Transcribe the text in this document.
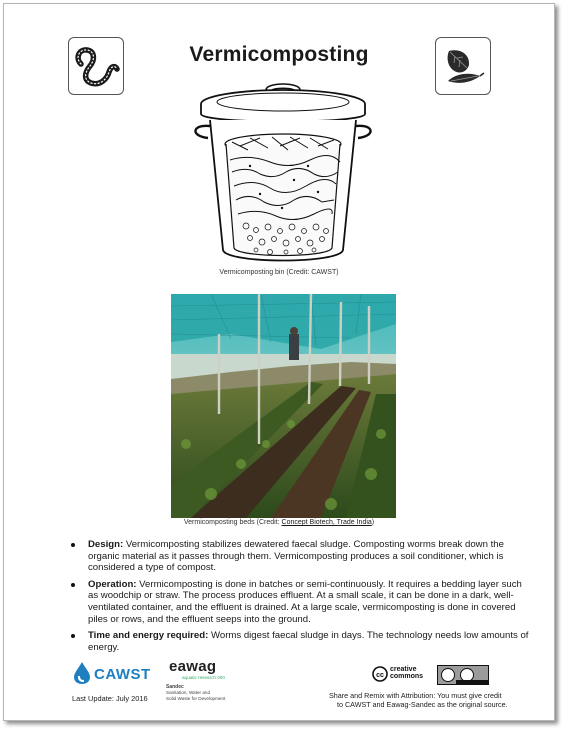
Vermicomposting
Vermicomposting bin (Credit: CAWST)
Vermicomposting beds (Credit: Concept Biotech, Trade India)
Design: Vermicomposting stabilizes dewatered faecal sludge. Composting worms break down the organic material as it passes through them. Vermicomposting produces a soil conditioner, which is considered a type of compost.
Operation: Vermicomposting is done in batches or semi-continuously. It requires a bedding layer such as woodchip or straw. The process produces effluent. At a small scale, it can be done in a dark, well-ventilated container, and the effluent is drained. At a large scale, vermicomposting is done in covered piles or rows, and the effluent seeps into the ground.
Time and energy required: Worms digest faecal sludge in days. The technology needs low amounts of energy.
CAWST eawag
aquatic research 000
Sandec
Sanitation, Water and
Solid Waste for Development
Last Update: July 2016
cc
creative commons
Share and Remix with Attribution: You must give credit
to CAWST and Eawag-Sandec as the original source.
